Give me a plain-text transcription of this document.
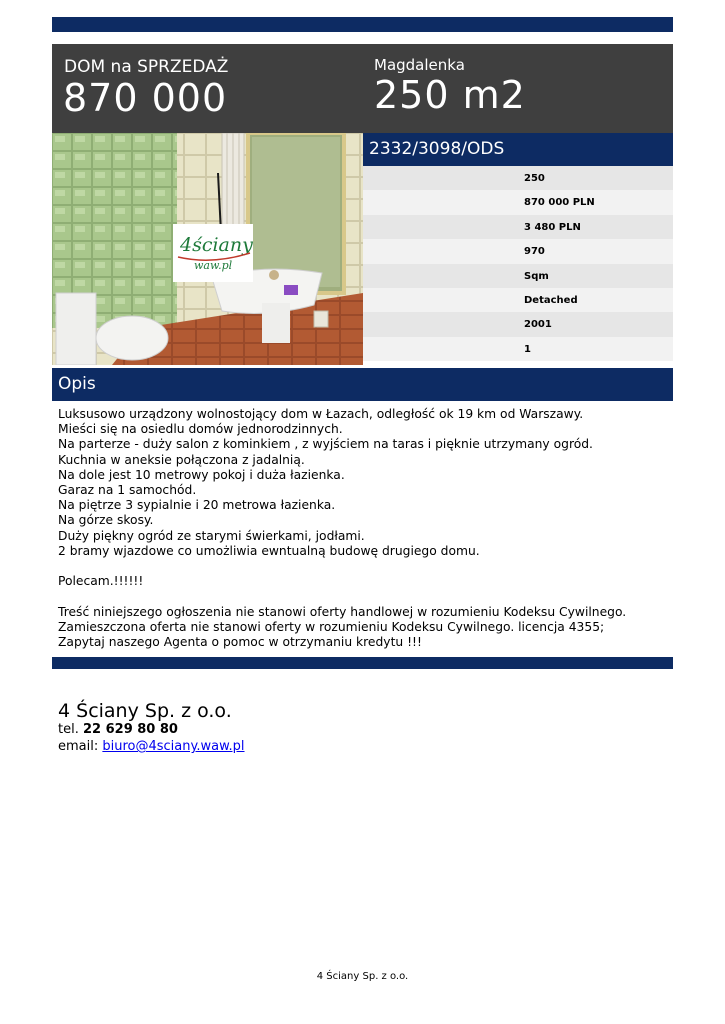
DOM na SPRZEDAŻ
870 000
Magdalenka
250 m2
4ściany
waw.pl
2332/3098/ODS
250
870 000 PLN
3 480 PLN
970
Sqm
Detached
2001
1
Opis
Luksusowo urządzony wolnostojący dom w Łazach, odległość ok 19 km od Warszawy.
Mieści się na osiedlu domów jednorodzinnych.
Na parterze - duży salon z kominkiem , z wyjściem na taras i pięknie utrzymany ogród.
Kuchnia w aneksie połączona z jadalnią.
Na dole jest 10 metrowy pokoj i duża łazienka.
Garaz na 1 samochód.
Na piętrze 3 sypialnie i 20 metrowa łazienka.
Na górze skosy.
Duży piękny ogród ze starymi świerkami, jodłami.
2 bramy wjazdowe co umożliwia ewntualną budowę drugiego domu.
Polecam.!!!!!!
Treść niniejszego ogłoszenia nie stanowi oferty handlowej w rozumieniu Kodeksu Cywilnego.
Zamieszczona oferta nie stanowi oferty w rozumieniu Kodeksu Cywilnego. licencja 4355;
Zapytaj naszego Agenta o pomoc w otrzymaniu kredytu !!!
4 Ściany Sp. z o.o.
tel. 22 629 80 80
email: biuro@4sciany.waw.pl
4 Ściany Sp. z o.o.
